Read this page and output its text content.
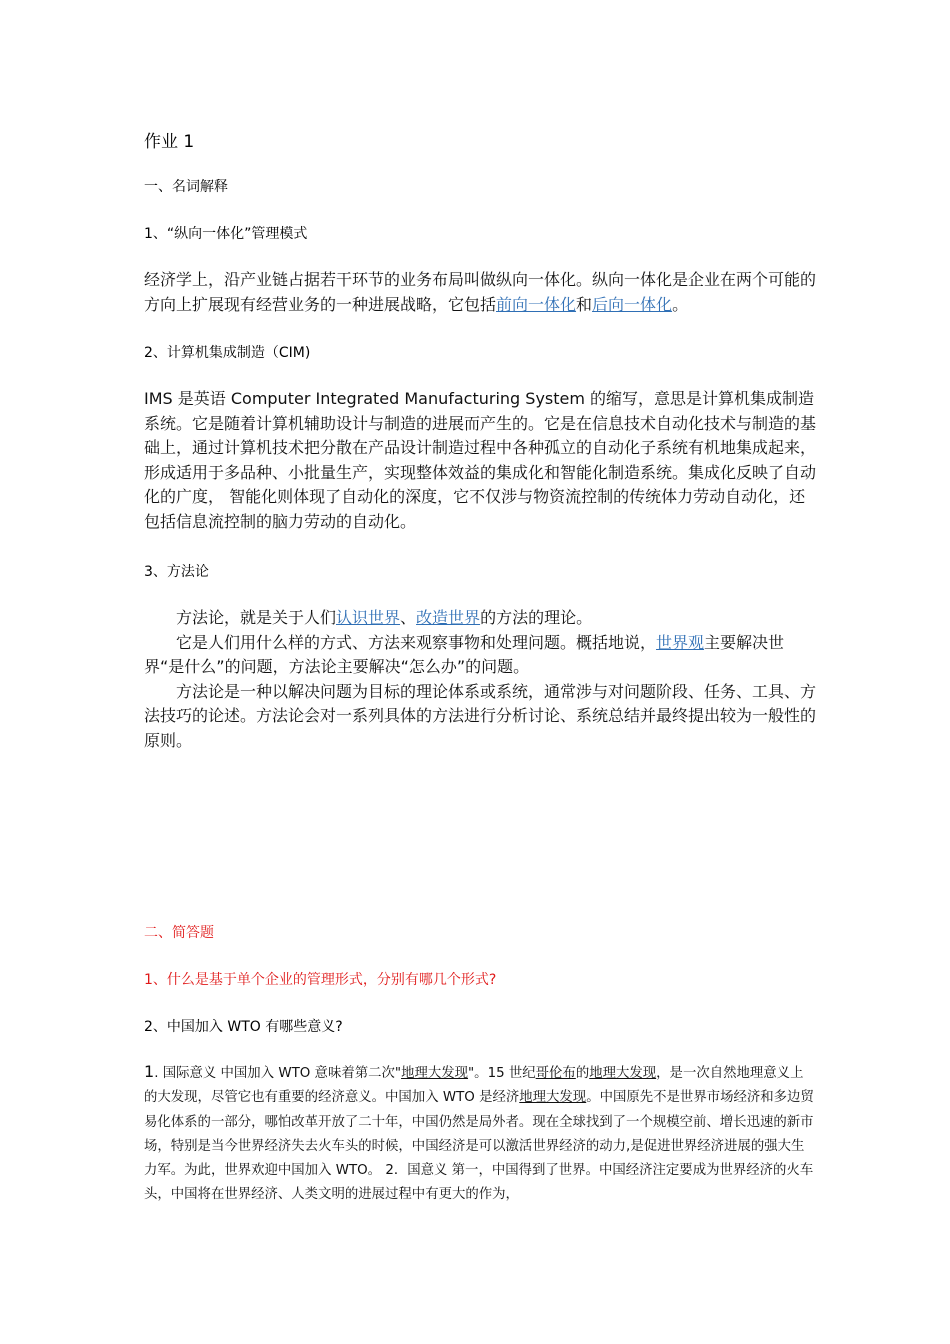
作业 1
一、名词解释
1、“纵向一体化”管理模式
经济学上，沿产业链占据若干环节的业务布局叫做纵向一体化。纵向一体化是企业在两个可能的方向上扩展现有经营业务的一种进展战略，它包括前向一体化和后向一体化。
2、计算机集成制造（CIM)
IMS 是英语 Computer Integrated Manufacturing System 的缩写，意思是计算机集成制造系统。它是随着计算机辅助设计与制造的进展而产生的。它是在信息技术自动化技术与制造的基础上，通过计算机技术把分散在产品设计制造过程中各种孤立的自动化子系统有机地集成起来，形成适用于多品种、小批量生产，实现整体效益的集成化和智能化制造系统。集成化反映了自动化的广度， 智能化则体现了自动化的深度，它不仅涉与物资流控制的传统体力劳动自动化，还包括信息流控制的脑力劳动的自动化。
3、方法论
方法论，就是关于人们认识世界、改造世界的方法的理论。
它是人们用什么样的方式、方法来观察事物和处理问题。概括地说，世界观主要解决世界“是什么”的问题，方法论主要解决“怎么办”的问题。
方法论是一种以解决问题为目标的理论体系或系统，通常涉与对问题阶段、任务、工具、方法技巧的论述。方法论会对一系列具体的方法进行分析讨论、系统总结并最终提出较为一般性的原则。
二、简答题
1、什么是基于单个企业的管理形式，分别有哪几个形式?
2、中国加入 WTO 有哪些意义?
1. 国际意义 中国加入 WTO 意味着第二次"地理大发现"。15 世纪哥伦布的地理大发现，是一次自然地理意义上的大发现，尽管它也有重要的经济意义。中国加入 WTO 是经济地理大发现。中国原先不是世界市场经济和多边贸易化体系的一部分，哪怕改革开放了二十年，中国仍然是局外者。现在全球找到了一个规模空前、增长迅速的新市场，特别是当今世界经济失去火车头的时候，中国经济是可以激活世界经济的动力,是促进世界经济进展的强大生力军。为此，世界欢迎中国加入 WTO。 2．国意义 第一，中国得到了世界。中国经济注定要成为世界经济的火车头，中国将在世界经济、人类文明的进展过程中有更大的作为，
